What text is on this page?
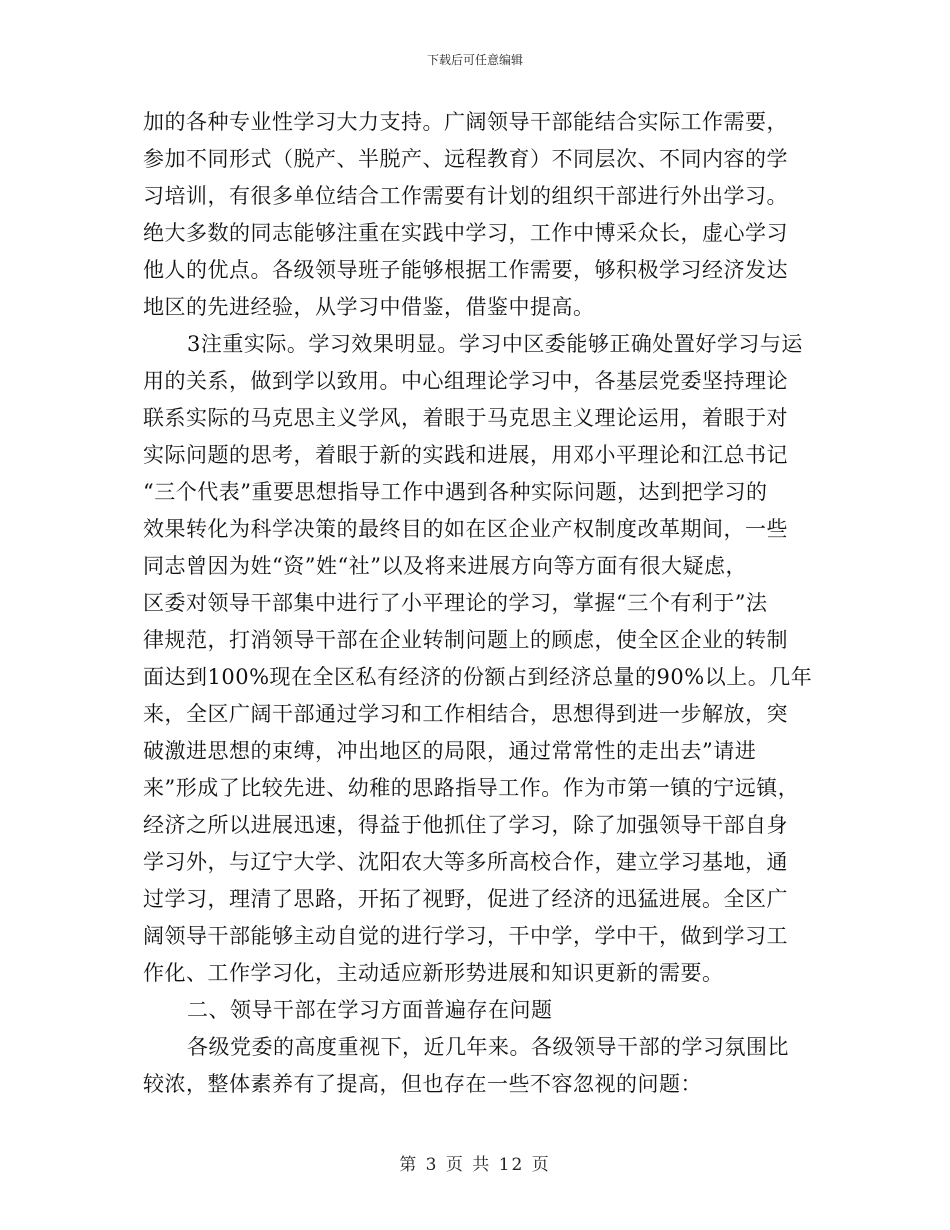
下载后可任意编辑
加的各种专业性学习大力支持。广阔领导干部能结合实际工作需要，
参加不同形式（脱产、半脱产、远程教育）不同层次、不同内容的学
习培训，有很多单位结合工作需要有计划的组织干部进行外出学习。
绝大多数的同志能够注重在实践中学习，工作中博采众长，虚心学习
他人的优点。各级领导班子能够根据工作需要，够积极学习经济发达
地区的先进经验，从学习中借鉴，借鉴中提高。
3注重实际。学习效果明显。学习中区委能够正确处置好学习与运
用的关系，做到学以致用。中心组理论学习中，各基层党委坚持理论
联系实际的马克思主义学风，着眼于马克思主义理论运用，着眼于对
实际问题的思考，着眼于新的实践和进展，用邓小平理论和江总书记
“三个代表”重要思想指导工作中遇到各种实际问题，达到把学习的
效果转化为科学决策的最终目的如在区企业产权制度改革期间，一些
同志曾因为姓“资”姓“社”以及将来进展方向等方面有很大疑虑，
区委对领导干部集中进行了小平理论的学习，掌握“三个有利于”法
律规范，打消领导干部在企业转制问题上的顾虑，使全区企业的转制
面达到100%现在全区私有经济的份额占到经济总量的90%以上。几年
来，全区广阔干部通过学习和工作相结合，思想得到进一步解放，突
破激进思想的束缚，冲出地区的局限，通过常常性的走出去”请进
来”形成了比较先进、幼稚的思路指导工作。作为市第一镇的宁远镇，
经济之所以进展迅速，得益于他抓住了学习，除了加强领导干部自身
学习外，与辽宁大学、沈阳农大等多所高校合作，建立学习基地，通
过学习，理清了思路，开拓了视野，促进了经济的迅猛进展。全区广
阔领导干部能够主动自觉的进行学习，干中学，学中干，做到学习工
作化、工作学习化，主动适应新形势进展和知识更新的需要。
二、领导干部在学习方面普遍存在问题
各级党委的高度重视下，近几年来。各级领导干部的学习氛围比
较浓，整体素养有了提高，但也存在一些不容忽视的问题：
第 3 页 共 12 页
